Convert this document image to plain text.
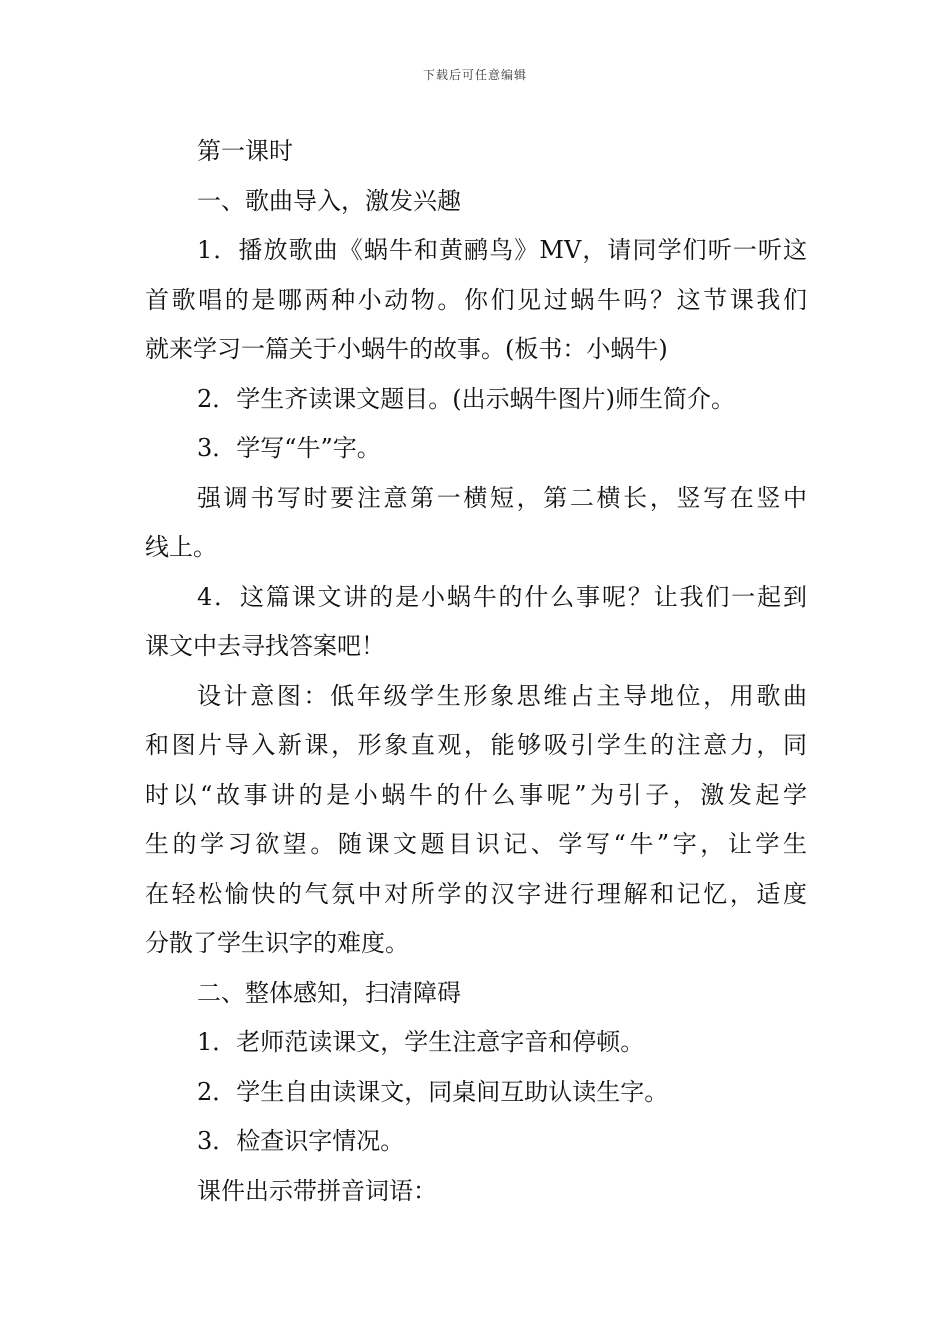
下载后可任意编辑
第一课时
一、歌曲导入，激发兴趣
1．播放歌曲《蜗牛和黄鹂鸟》MV，请同学们听一听这
首歌唱的是哪两种小动物。你们见过蜗牛吗？这节课我们
就来学习一篇关于小蜗牛的故事。(板书：小蜗牛)
2．学生齐读课文题目。(出示蜗牛图片)师生简介。
3．学写“牛”字。
强调书写时要注意第一横短，第二横长，竖写在竖中
线上。
4．这篇课文讲的是小蜗牛的什么事呢？让我们一起到
课文中去寻找答案吧！
设计意图：低年级学生形象思维占主导地位，用歌曲
和图片导入新课，形象直观，能够吸引学生的注意力，同
时以“故事讲的是小蜗牛的什么事呢”为引子，激发起学
生的学习欲望。随课文题目识记、学写“牛”字，让学生
在轻松愉快的气氛中对所学的汉字进行理解和记忆，适度
分散了学生识字的难度。
二、整体感知，扫清障碍
1．老师范读课文，学生注意字音和停顿。
2．学生自由读课文，同桌间互助认读生字。
3．检查识字情况。
课件出示带拼音词语：
